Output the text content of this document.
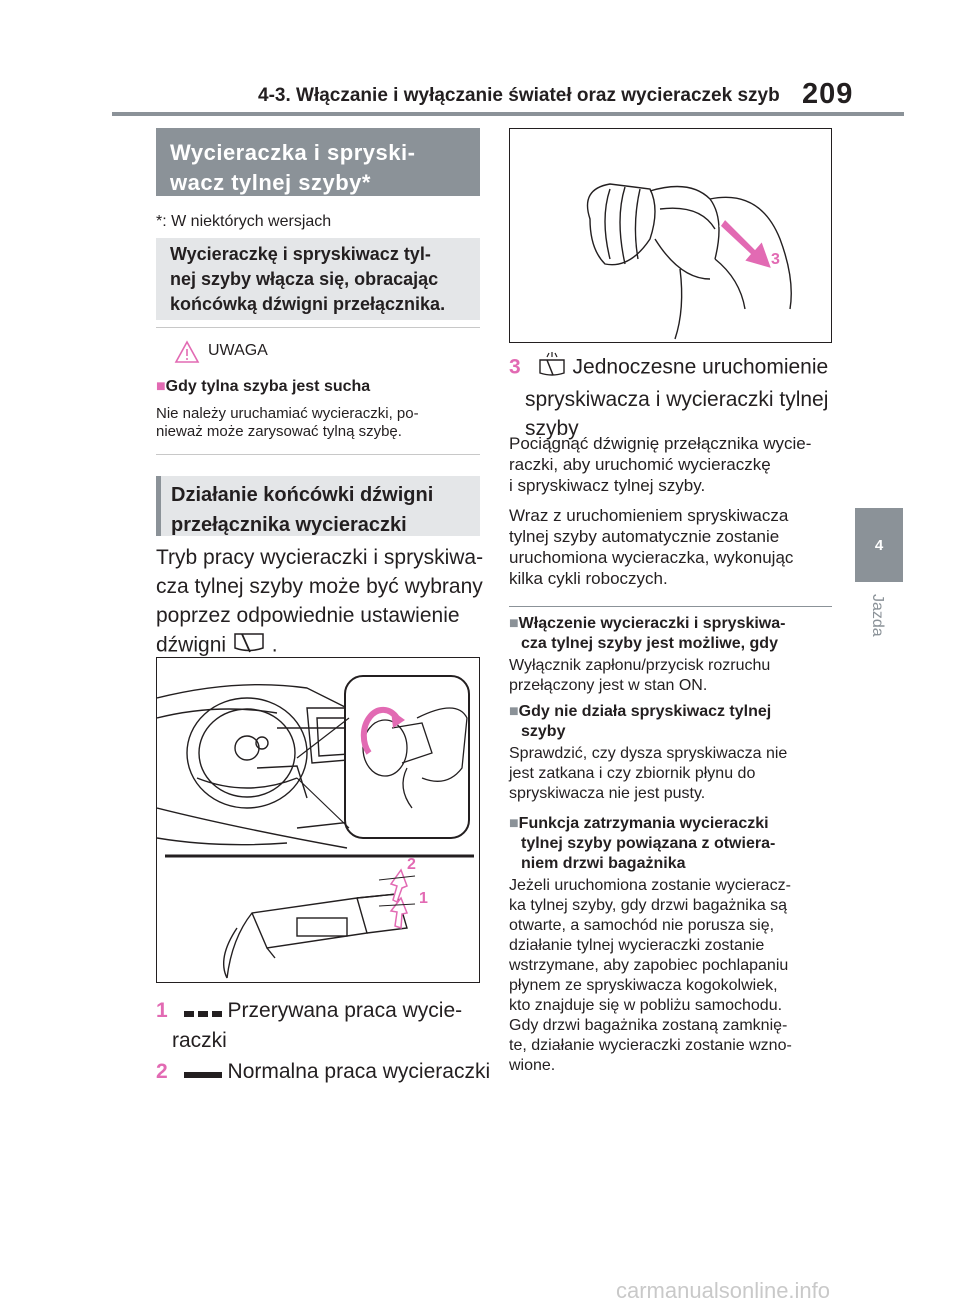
4-3. Włączanie i wyłączanie świateł oraz wycieraczek szyb 209
4
Jazda
Wycieraczka i spryski-
wacz tylnej szyby*
*: W niektórych wersjach
Wycieraczkę i spryskiwacz tyl-
nej szyby włącza się, obracając
końcówką dźwigni przełącznika.
UWAGA
■Gdy tylna szyba jest sucha
Nie należy uruchamiać wycieraczki, po-
nieważ może zarysować tylną szybę.
Działanie końcówki dźwigni
przełącznika wycieraczki
Tryb pracy wycieraczki i spryskiwa-
cza tylnej szyby może być wybrany
poprzez odpowiednie ustawienie
dźwigni .
2
1
1	Przerywana praca wycie-
raczki
2	Normalna praca wycieraczki
3
3 Jednoczesne uruchomienie
spryskiwacza i wycieraczki tylnej
szyby
Pociągnąć dźwignię przełącznika wycie-
raczki, aby uruchomić wycieraczkę
i spryskiwacz tylnej szyby.
Wraz z uruchomieniem spryskiwacza
tylnej szyby automatycznie zostanie
uruchomiona wycieraczka, wykonując
kilka cykli roboczych.
■Włączenie wycieraczki i spryskiwa-
cza tylnej szyby jest możliwe, gdy
Wyłącznik zapłonu/przycisk rozruchu
przełączony jest w stan ON.
■Gdy nie działa spryskiwacz tylnej
szyby
Sprawdzić, czy dysza spryskiwacza nie
jest zatkana i czy zbiornik płynu do
spryskiwacza nie jest pusty.
■Funkcja zatrzymania wycieraczki
tylnej szyby powiązana z otwiera-
niem drzwi bagażnika
Jeżeli uruchomiona zostanie wycieracz-
ka tylnej szyby, gdy drzwi bagażnika są
otwarte, a samochód nie porusza się,
działanie tylnej wycieraczki zostanie
wstrzymane, aby zapobiec pochlapaniu
płynem ze spryskiwacza kogokolwiek,
kto znajduje się w pobliżu samochodu.
Gdy drzwi bagażnika zostaną zamknię-
te, działanie wycieraczki zostanie wzno-
wione.
carmanualsonline.info
